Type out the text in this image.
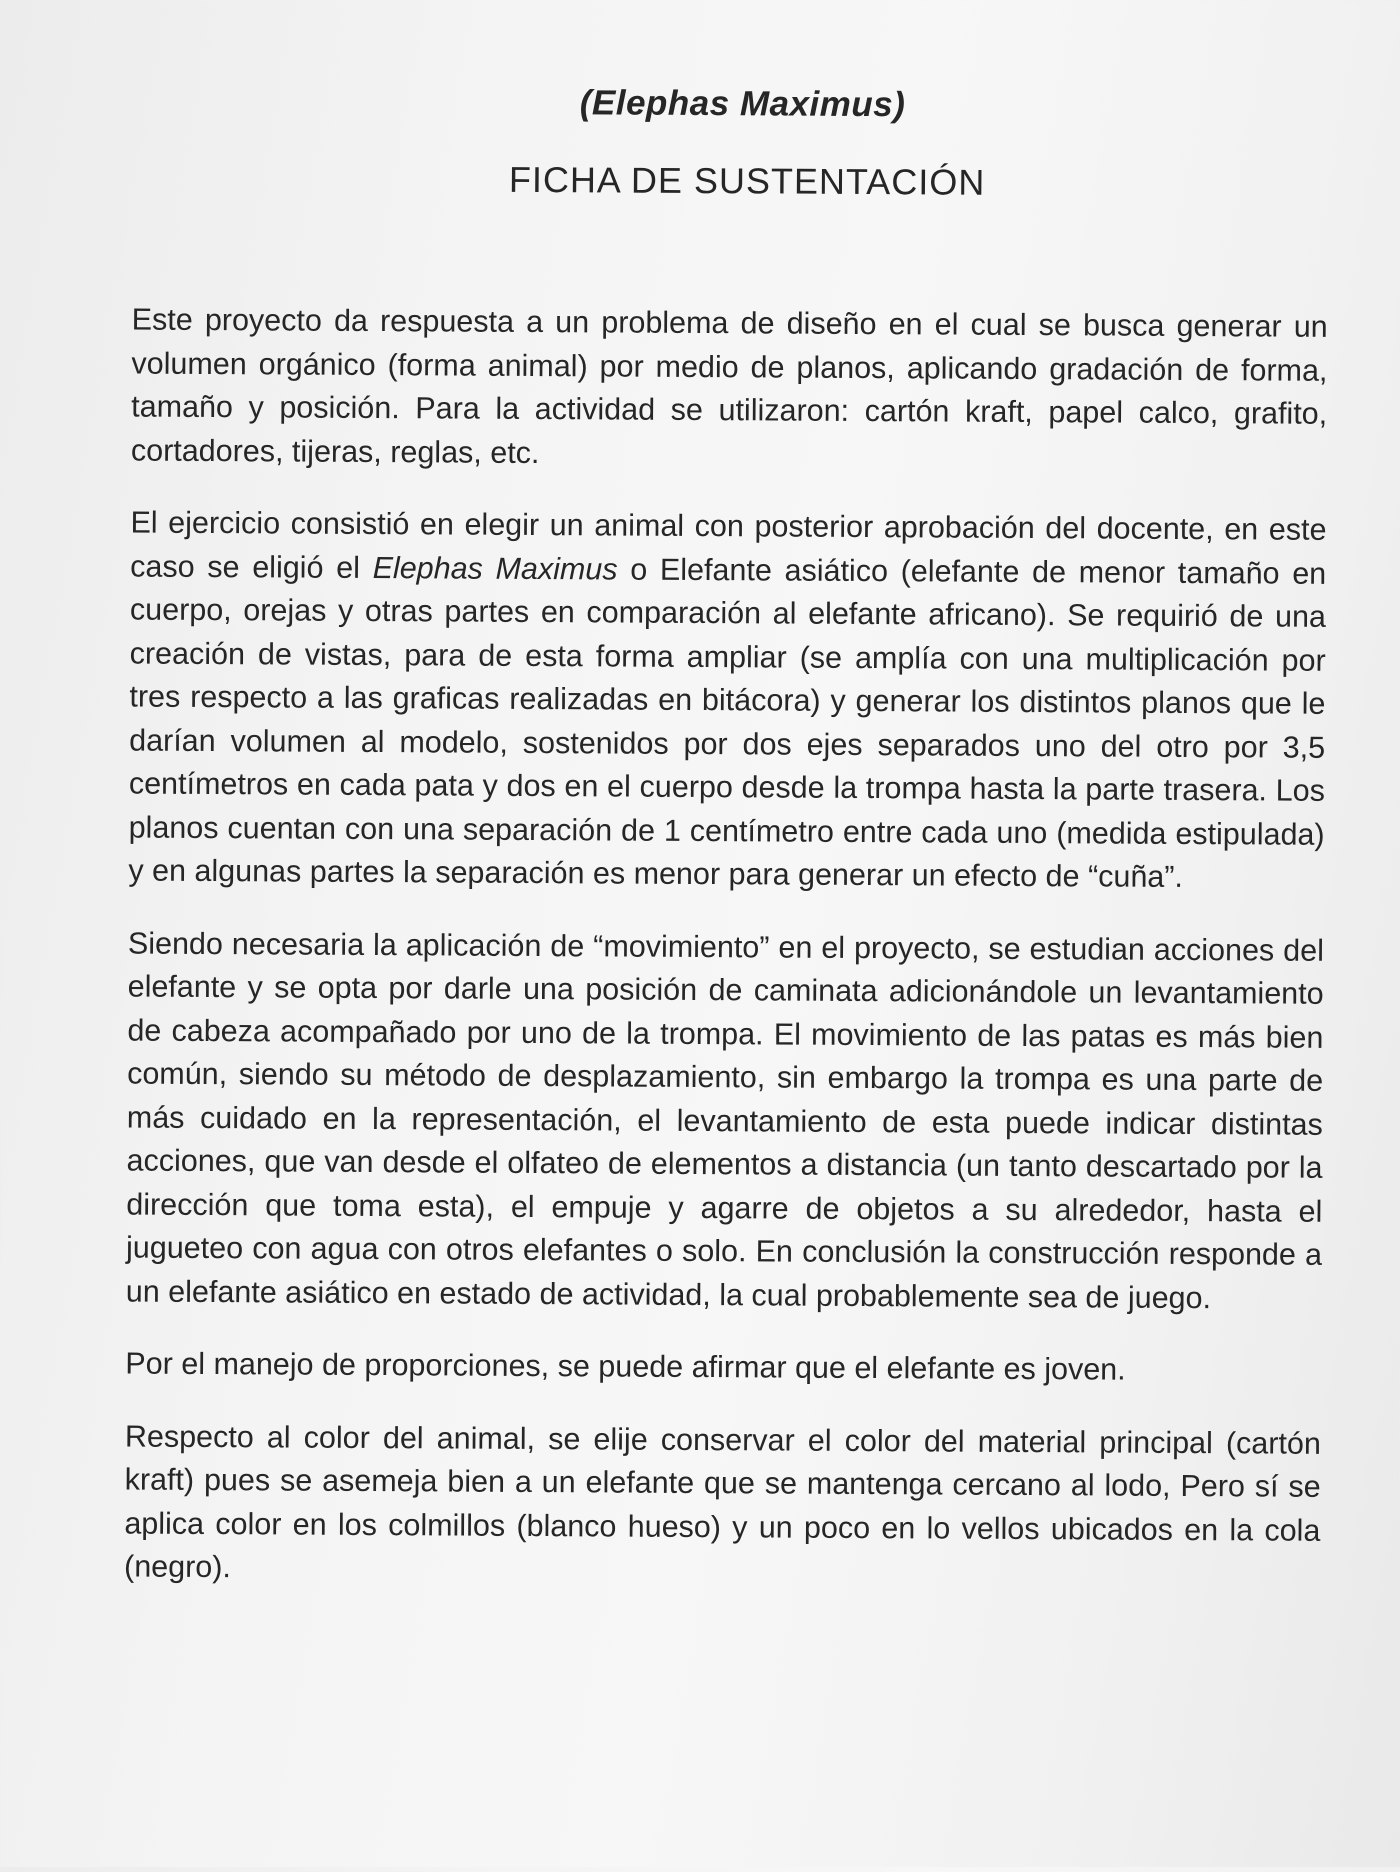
(Elephas Maximus)
FICHA DE SUSTENTACIÓN

Este proyecto da respuesta a un problema de diseño en el cual se busca generar un volumen orgánico (forma animal) por medio de planos, aplicando gradación de forma, tamaño y posición. Para la actividad se utilizaron: cartón kraft, papel calco, grafito, cortadores, tijeras, reglas, etc.

El ejercicio consistió en elegir un animal con posterior aprobación del docente, en este caso se eligió el Elephas Maximus o Elefante asiático (elefante de menor tamaño en cuerpo, orejas y otras partes en comparación al elefante africano). Se requirió de una creación de vistas, para de esta forma ampliar (se amplía con una multiplicación por tres respecto a las graficas realizadas en bitácora) y generar los distintos planos que le darían volumen al modelo, sostenidos por dos ejes separados uno del otro por 3,5 centímetros en cada pata y dos en el cuerpo desde la trompa hasta la parte trasera. Los planos cuentan con una separación de 1 centímetro entre cada uno (medida estipulada) y en algunas partes la separación es menor para generar un efecto de “cuña”.

Siendo necesaria la aplicación de “movimiento” en el proyecto, se estudian acciones del elefante y se opta por darle una posición de caminata adicionándole un levantamiento de cabeza acompañado por uno de la trompa. El movimiento de las patas es más bien común, siendo su método de desplazamiento, sin embargo la trompa es una parte de más cuidado en la representación, el levantamiento de esta puede indicar distintas acciones, que van desde el olfateo de elementos a distancia (un tanto descartado por la dirección que toma esta), el empuje y agarre de objetos a su alrededor, hasta el jugueteo con agua con otros elefantes o solo. En conclusión la construcción responde a un elefante asiático en estado de actividad, la cual probablemente sea de juego.

Por el manejo de proporciones, se puede afirmar que el elefante es joven.

Respecto al color del animal, se elije conservar el color del material principal (cartón kraft) pues se asemeja bien a un elefante que se mantenga cercano al lodo, Pero sí se aplica color en los colmillos (blanco hueso) y un poco en lo vellos ubicados en la cola (negro).
